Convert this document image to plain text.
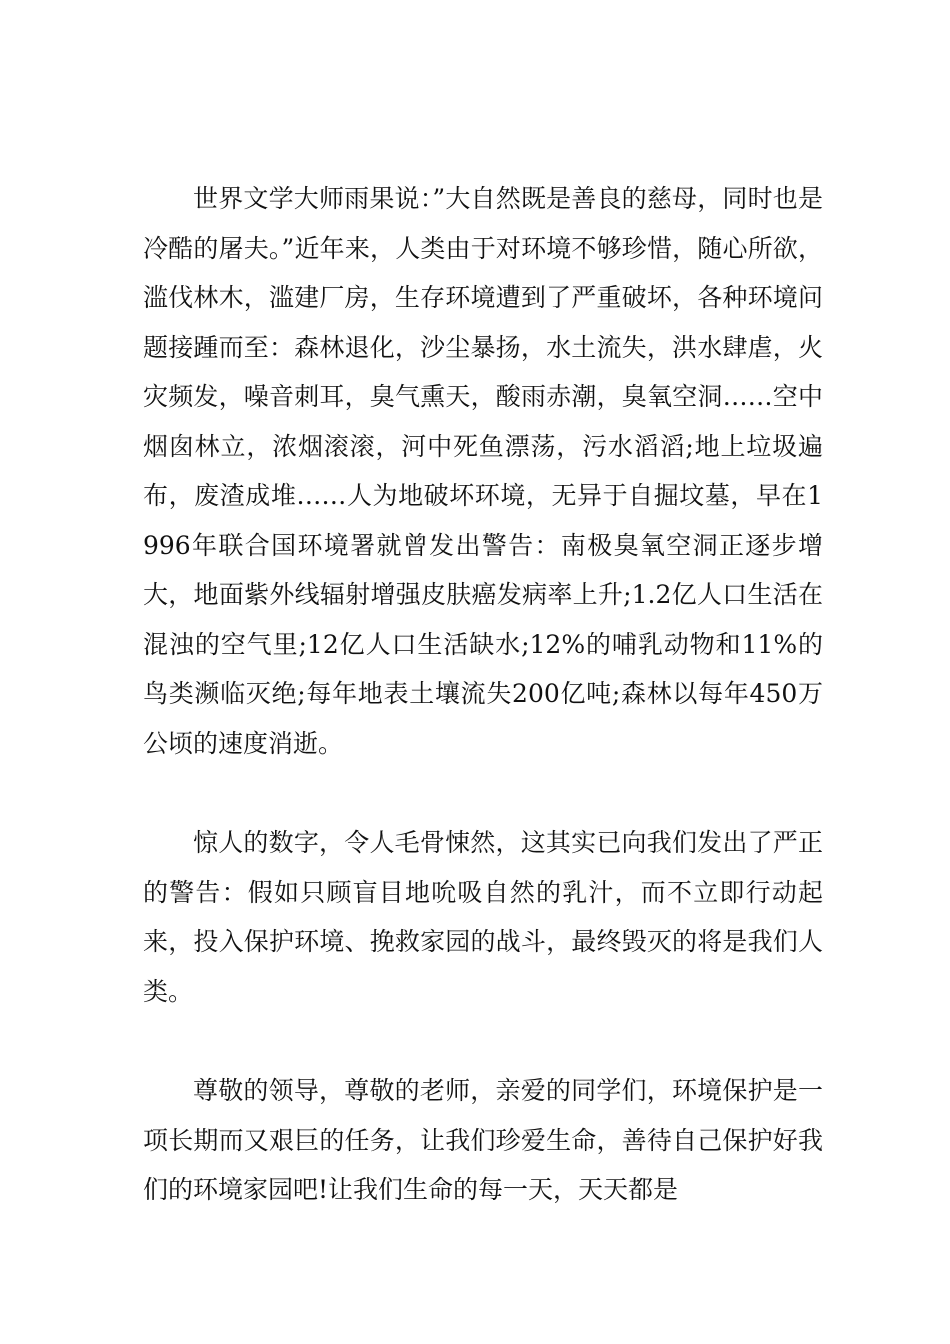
世界文学大师雨果说：”大自然既是善良的慈母，同时也是冷酷的屠夫。”近年来，人类由于对环境不够珍惜，随心所欲，滥伐林木，滥建厂房，生存环境遭到了严重破坏，各种环境问题接踵而至：森林退化，沙尘暴扬，水土流失，洪水肆虐，火灾频发，噪音刺耳，臭气熏天，酸雨赤潮，臭氧空洞……空中烟囱林立，浓烟滚滚，河中死鱼漂荡，污水滔滔;地上垃圾遍布，废渣成堆……人为地破坏环境，无异于自掘坟墓，早在1996年联合国环境署就曾发出警告：南极臭氧空洞正逐步增大，地面紫外线辐射增强皮肤癌发病率上升;1.2亿人口生活在混浊的空气里;12亿人口生活缺水;12%的哺乳动物和11%的鸟类濒临灭绝;每年地表土壤流失200亿吨;森林以每年450万公顷的速度消逝。

惊人的数字，令人毛骨悚然，这其实已向我们发出了严正的警告：假如只顾盲目地吮吸自然的乳汁，而不立即行动起来，投入保护环境、挽救家园的战斗，最终毁灭的将是我们人类。

尊敬的领导，尊敬的老师，亲爱的同学们，环境保护是一项长期而又艰巨的任务，让我们珍爱生命，善待自己保护好我们的环境家园吧!让我们生命的每一天，天天都是
